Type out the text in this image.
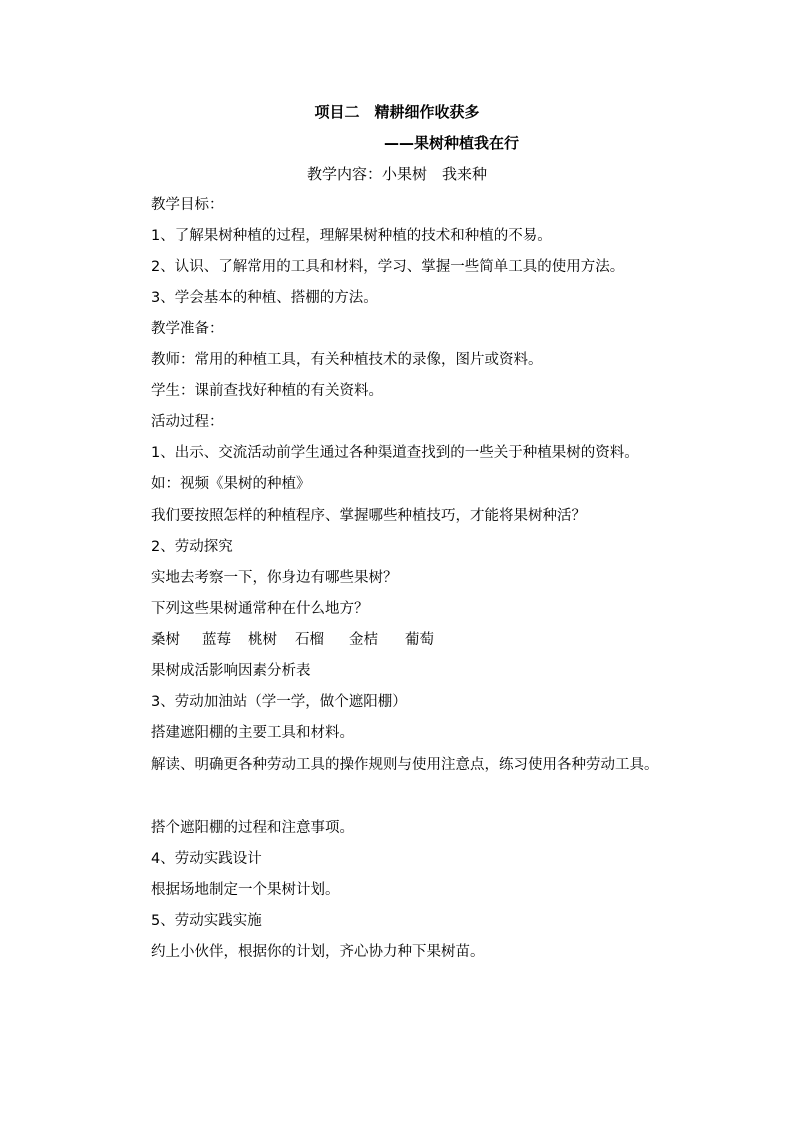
项目二　精耕细作收获多
——果树种植我在行
教学内容：小果树　我来种
教学目标：
1、了解果树种植的过程，理解果树种植的技术和种植的不易。
2、认识、了解常用的工具和材料，学习、掌握一些简单工具的使用方法。
3、学会基本的种植、搭棚的方法。
教学准备：
教师：常用的种植工具，有关种植技术的录像，图片或资料。
学生：课前查找好种植的有关资料。
活动过程：
1、出示、交流活动前学生通过各种渠道查找到的一些关于种植果树的资料。
如：视频《果树的种植》
我们要按照怎样的种植程序、掌握哪些种植技巧，才能将果树种活？
2、劳动探究
实地去考察一下，你身边有哪些果树？
下列这些果树通常种在什么地方？
桑树 蓝莓 桃树 石榴 金桔 葡萄
果树成活影响因素分析表
3、劳动加油站（学一学，做个遮阳棚）
搭建遮阳棚的主要工具和材料。
解读、明确更各种劳动工具的操作规则与使用注意点，练习使用各种劳动工具。
搭个遮阳棚的过程和注意事项。
4、劳动实践设计
根据场地制定一个果树计划。
5、劳动实践实施
约上小伙伴，根据你的计划，齐心协力种下果树苗。
